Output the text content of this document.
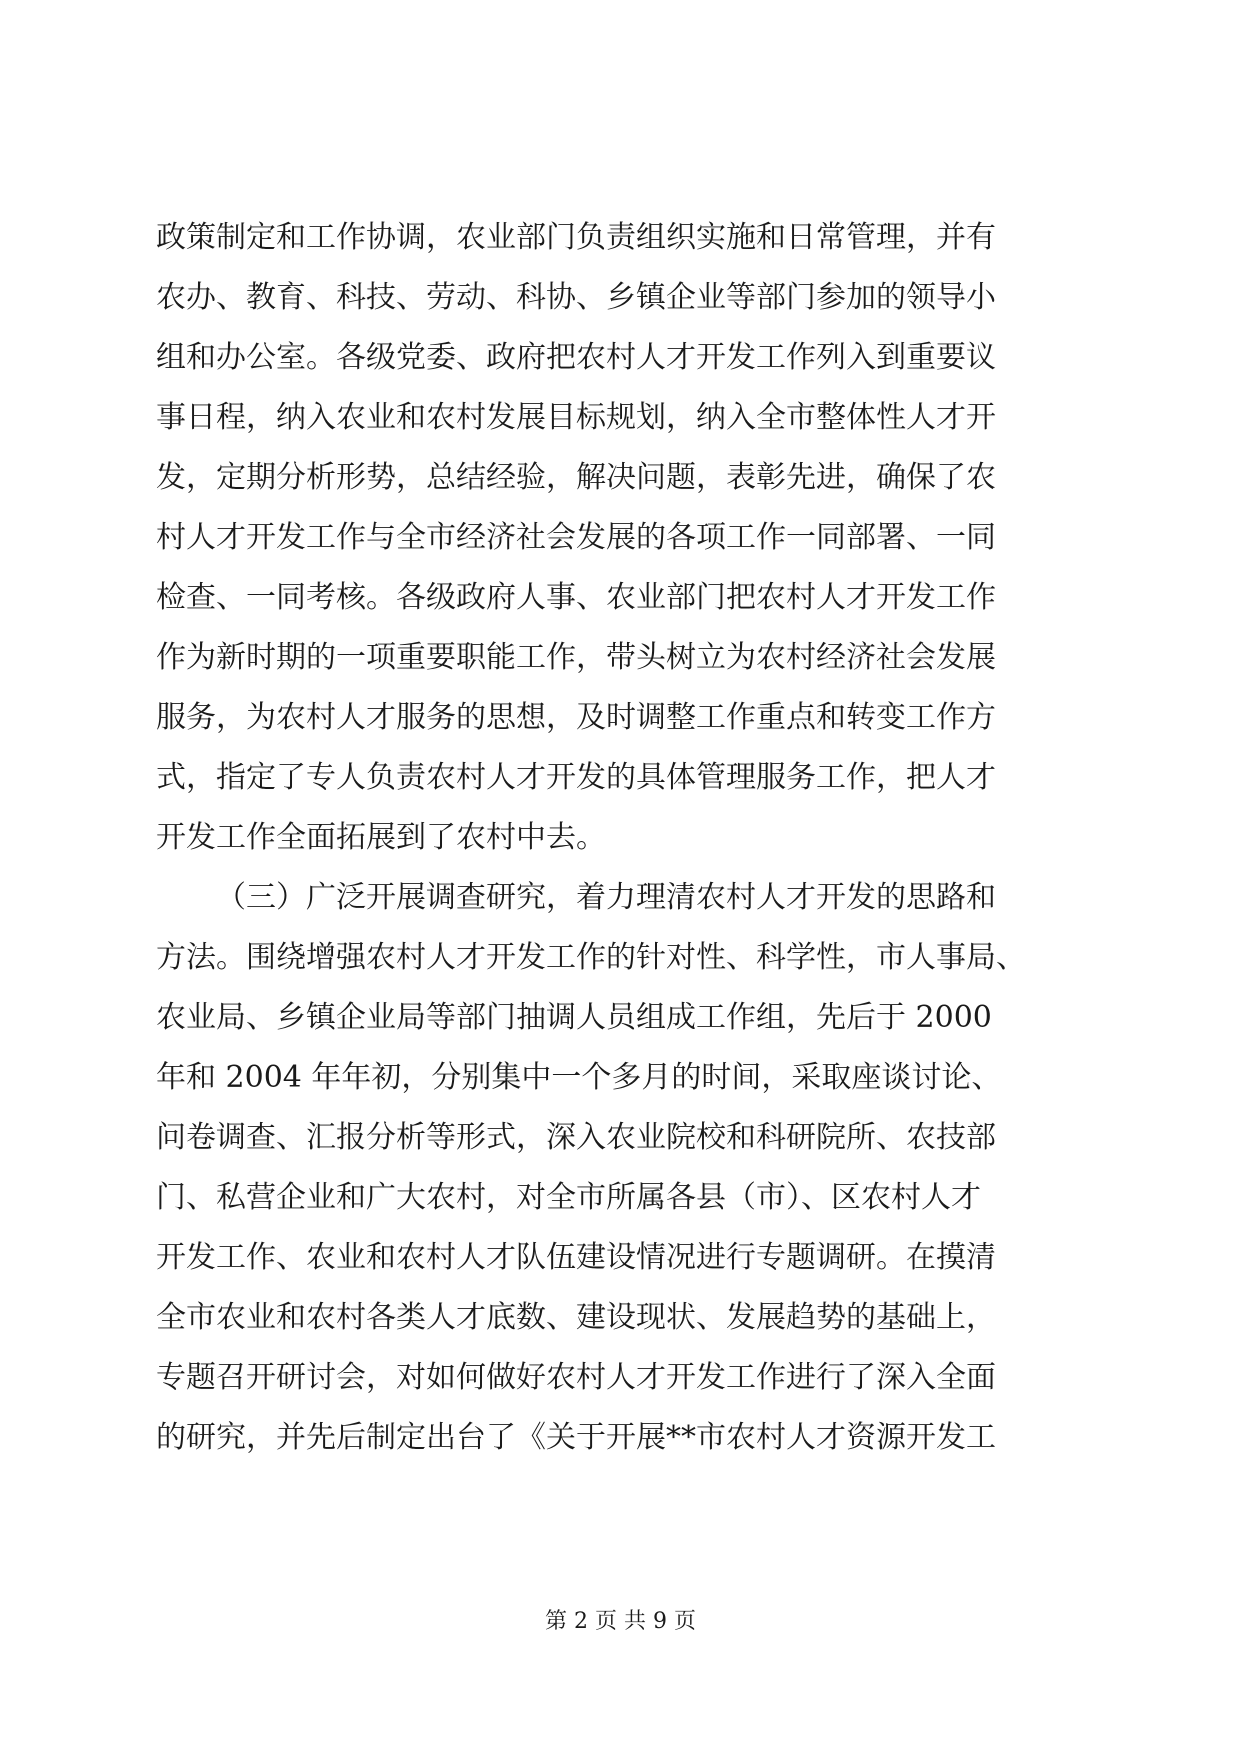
政策制定和工作协调，农业部门负责组织实施和日常管理，并有
农办、教育、科技、劳动、科协、乡镇企业等部门参加的领导小
组和办公室。各级党委、政府把农村人才开发工作列入到重要议
事日程，纳入农业和农村发展目标规划，纳入全市整体性人才开
发，定期分析形势，总结经验，解决问题，表彰先进，确保了农
村人才开发工作与全市经济社会发展的各项工作一同部署、一同
检查、一同考核。各级政府人事、农业部门把农村人才开发工作
作为新时期的一项重要职能工作，带头树立为农村经济社会发展
服务，为农村人才服务的思想，及时调整工作重点和转变工作方
式，指定了专人负责农村人才开发的具体管理服务工作，把人才
开发工作全面拓展到了农村中去。
（三）广泛开展调查研究，着力理清农村人才开发的思路和
方法。围绕增强农村人才开发工作的针对性、科学性，市人事局、
农业局、乡镇企业局等部门抽调人员组成工作组，先后于 2000
年和 2004 年年初，分别集中一个多月的时间，采取座谈讨论、
问卷调查、汇报分析等形式，深入农业院校和科研院所、农技部
门、私营企业和广大农村，对全市所属各县（市）、区农村人才
开发工作、农业和农村人才队伍建设情况进行专题调研。在摸清
全市农业和农村各类人才底数、建设现状、发展趋势的基础上，
专题召开研讨会，对如何做好农村人才开发工作进行了深入全面
的研究，并先后制定出台了《关于开展**市农村人才资源开发工
第 2 页 共 9 页
